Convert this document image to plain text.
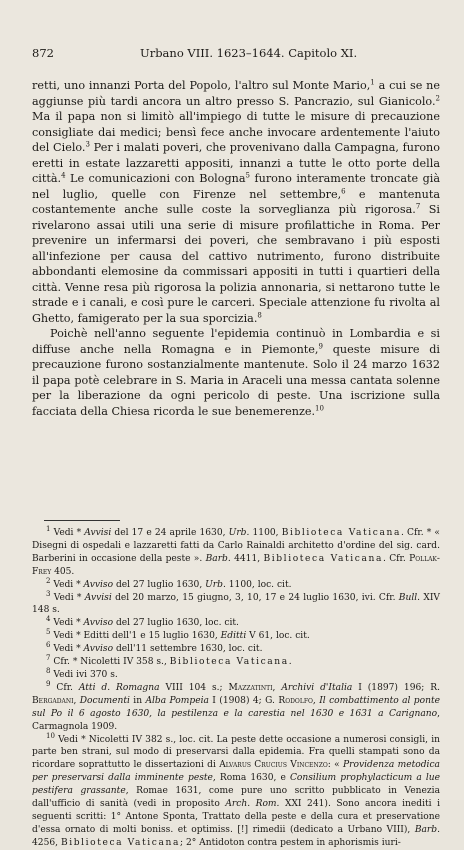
872	Urbano VIII. 1623–1644. Capitolo XI.

retti, uno innanzi Porta del Popolo, l'altro sul Monte Mario,$^1$ a cui se ne aggiunse più tardi ancora un altro presso S. Pancrazio, sul Gianicolo.$^2$ Ma il papa non si limitò all'impiego di tutte le misure di precauzione consigliate dai medici; bensì fece anche invocare ardentemente l'aiuto del Cielo.$^3$ Per i malati poveri, che provenivano dalla Campagna, furono eretti in estate lazzaretti appositi, innanzi a tutte le otto porte della città.$^4$ Le comunicazioni con Bologna$^5$ furono interamente troncate già nel luglio, quelle con Firenze nel settembre,$^6$ e mantenuta costantemente anche sulle coste la sorveglianza più rigorosa.$^7$ Si rivelarono assai utili una serie di misure profilattiche in Roma. Per prevenire un infermarsi dei poveri, che sembravano i più esposti all'infezione per causa del cattivo nutrimento, furono distribuite abbondanti elemosine da commissari appositi in tutti i quartieri della città. Venne resa più rigorosa la polizia annonaria, si nettarono tutte le strade e i canali, e così pure le carceri. Speciale attenzione fu rivolta al Ghetto, famigerato per la sua sporcizia.$^8$

Poichè nell'anno seguente l'epidemia continuò in Lombardia e si diffuse anche nella Romagna e in Piemonte,$^9$ queste misure di precauzione furono sostanzialmente mantenute. Solo il 24 marzo 1632 il papa potè celebrare in S. Maria in Araceli una messa cantata solenne per la liberazione da ogni pericolo di peste. Una iscrizione sulla facciata della Chiesa ricorda le sue benemerenze.$^{10}$

$^1$ Vedi * Avvisi del 17 e 24 aprile 1630, Urb. 1100, Biblioteca Vaticana. Cfr. * « Disegni di ospedali e lazzaretti fatti da Carlo Rainaldi architetto d'ordine del sig. card. Barberini in occasione della peste ». Barb. 4411, Biblioteca Vaticana. Cfr. Pollak-Frey 405.

$^2$ Vedi * Avviso del 27 luglio 1630, Urb. 1100, loc. cit.

$^3$ Vedi * Avvisi del 20 marzo, 15 giugno, 3, 10, 17 e 24 luglio 1630, ivi. Cfr. Bull. XIV 148 s.

$^4$ Vedi * Avviso del 27 luglio 1630, loc. cit.

$^5$ Vedi * Editti dell'1 e 15 luglio 1630, Editti V 61, loc. cit.

$^6$ Vedi * Avviso dell'11 settembre 1630, loc. cit.

$^7$ Cfr. * Nicoletti IV 358 s., Biblioteca Vaticana.

$^8$ Vedi ivi 370 s.

$^9$ Cfr. Atti d. Romagna VIII 104 s.; Mazzatinti, Archivi d'Italia I (1897) 196; R. Bergadani, Documenti in Alba Pompeia I (1908) 4; G. Rodolfo, Il combattimento al ponte sul Po il 6 agosto 1630, la pestilenza e la carestia nel 1630 e 1631 a Carignano, Carmagnola 1909.

$^{10}$ Vedi * Nicoletti IV 382 s., loc. cit. La peste dette occasione a numerosi consigli, in parte ben strani, sul modo di preservarsi dalla epidemia. Fra quelli stampati sono da ricordare soprattutto le dissertazioni di Alvarus Crucius Vincenzo: « Providenza metodica per preservarsi dalla imminente peste, Roma 1630, e Consilium prophylacticum a lue pestifera grassante, Romae 1631, come pure uno scritto pubblicato in Venezia dall'ufficio di sanità (vedi in proposito Arch. Rom. XXI 241). Sono ancora inediti i seguenti scritti: 1° Antone Sponta, Trattato della peste e della cura et preservatione d'essa ornato di molti boniss. et optimiss. [!] rimedii (dedicato a Urbano VIII), Barb. 4256, Biblioteca Vaticana; 2° Antidoton contra pestem in aphorismis iuri-
